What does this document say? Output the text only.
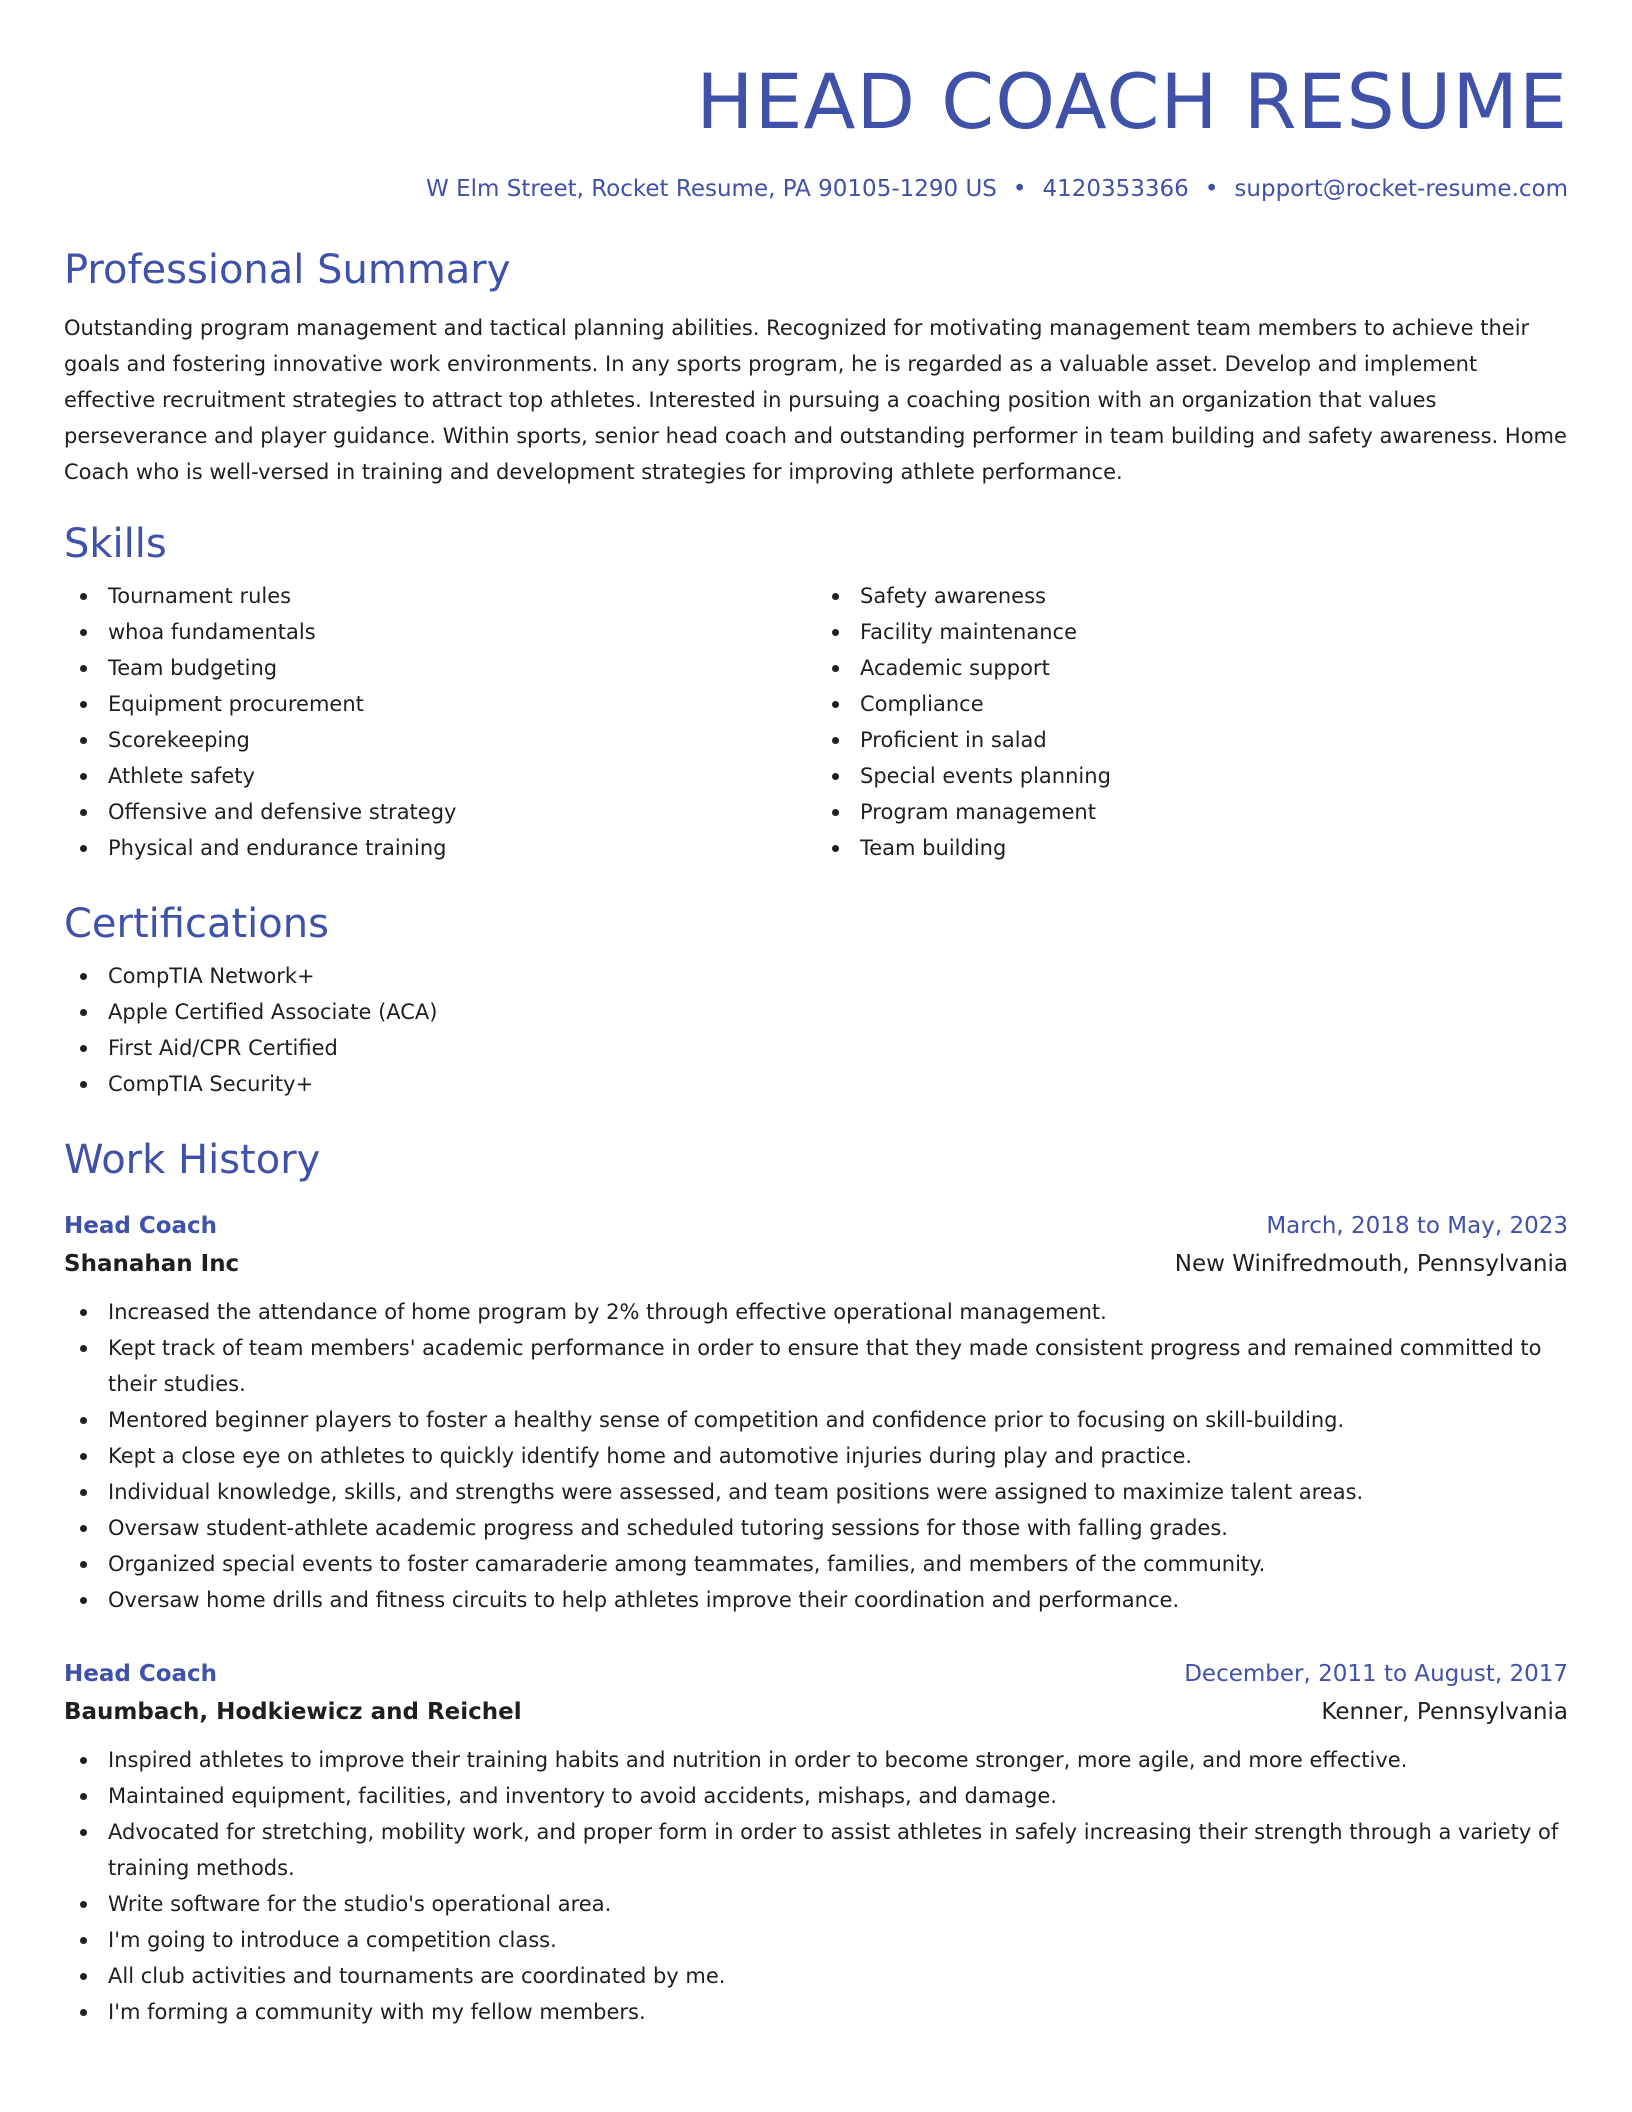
HEAD COACH RESUME
W Elm Street, Rocket Resume, PA 90105-1290 US • 4120353366 • support@rocket-resume.com
Professional Summary

Outstanding program management and tactical planning abilities. Recognized for motivating management team members to achieve their goals and fostering innovative work environments. In any sports program, he is regarded as a valuable asset. Develop and implement effective recruitment strategies to attract top athletes. Interested in pursuing a coaching position with an organization that values perseverance and player guidance. Within sports, senior head coach and outstanding performer in team building and safety awareness. Home Coach who is well-versed in training and development strategies for improving athlete performance.

Skills
Tournament rules
whoa fundamentals
Team budgeting
Equipment procurement
Scorekeeping
Athlete safety
Offensive and defensive strategy
Physical and endurance training
Safety awareness
Facility maintenance
Academic support
Compliance
Proficient in salad
Special events planning
Program management
Team building
Certifications
CompTIA Network+
Apple Certified Associate (ACA)
First Aid/CPR Certified
CompTIA Security+
Work History
Head Coach	March, 2018 to May, 2023
Shanahan Inc	New Winifredmouth, Pennsylvania
Increased the attendance of home program by 2% through effective operational management.
Kept track of team members' academic performance in order to ensure that they made consistent progress and remained committed to their studies.
Mentored beginner players to foster a healthy sense of competition and confidence prior to focusing on skill-building.
Kept a close eye on athletes to quickly identify home and automotive injuries during play and practice.
Individual knowledge, skills, and strengths were assessed, and team positions were assigned to maximize talent areas.
Oversaw student-athlete academic progress and scheduled tutoring sessions for those with falling grades.
Organized special events to foster camaraderie among teammates, families, and members of the community.
Oversaw home drills and fitness circuits to help athletes improve their coordination and performance.
Head Coach	December, 2011 to August, 2017
Baumbach, Hodkiewicz and Reichel	Kenner, Pennsylvania
Inspired athletes to improve their training habits and nutrition in order to become stronger, more agile, and more effective.
Maintained equipment, facilities, and inventory to avoid accidents, mishaps, and damage.
Advocated for stretching, mobility work, and proper form in order to assist athletes in safely increasing their strength through a variety of training methods.
Write software for the studio's operational area.
I'm going to introduce a competition class.
All club activities and tournaments are coordinated by me.
I'm forming a community with my fellow members.
